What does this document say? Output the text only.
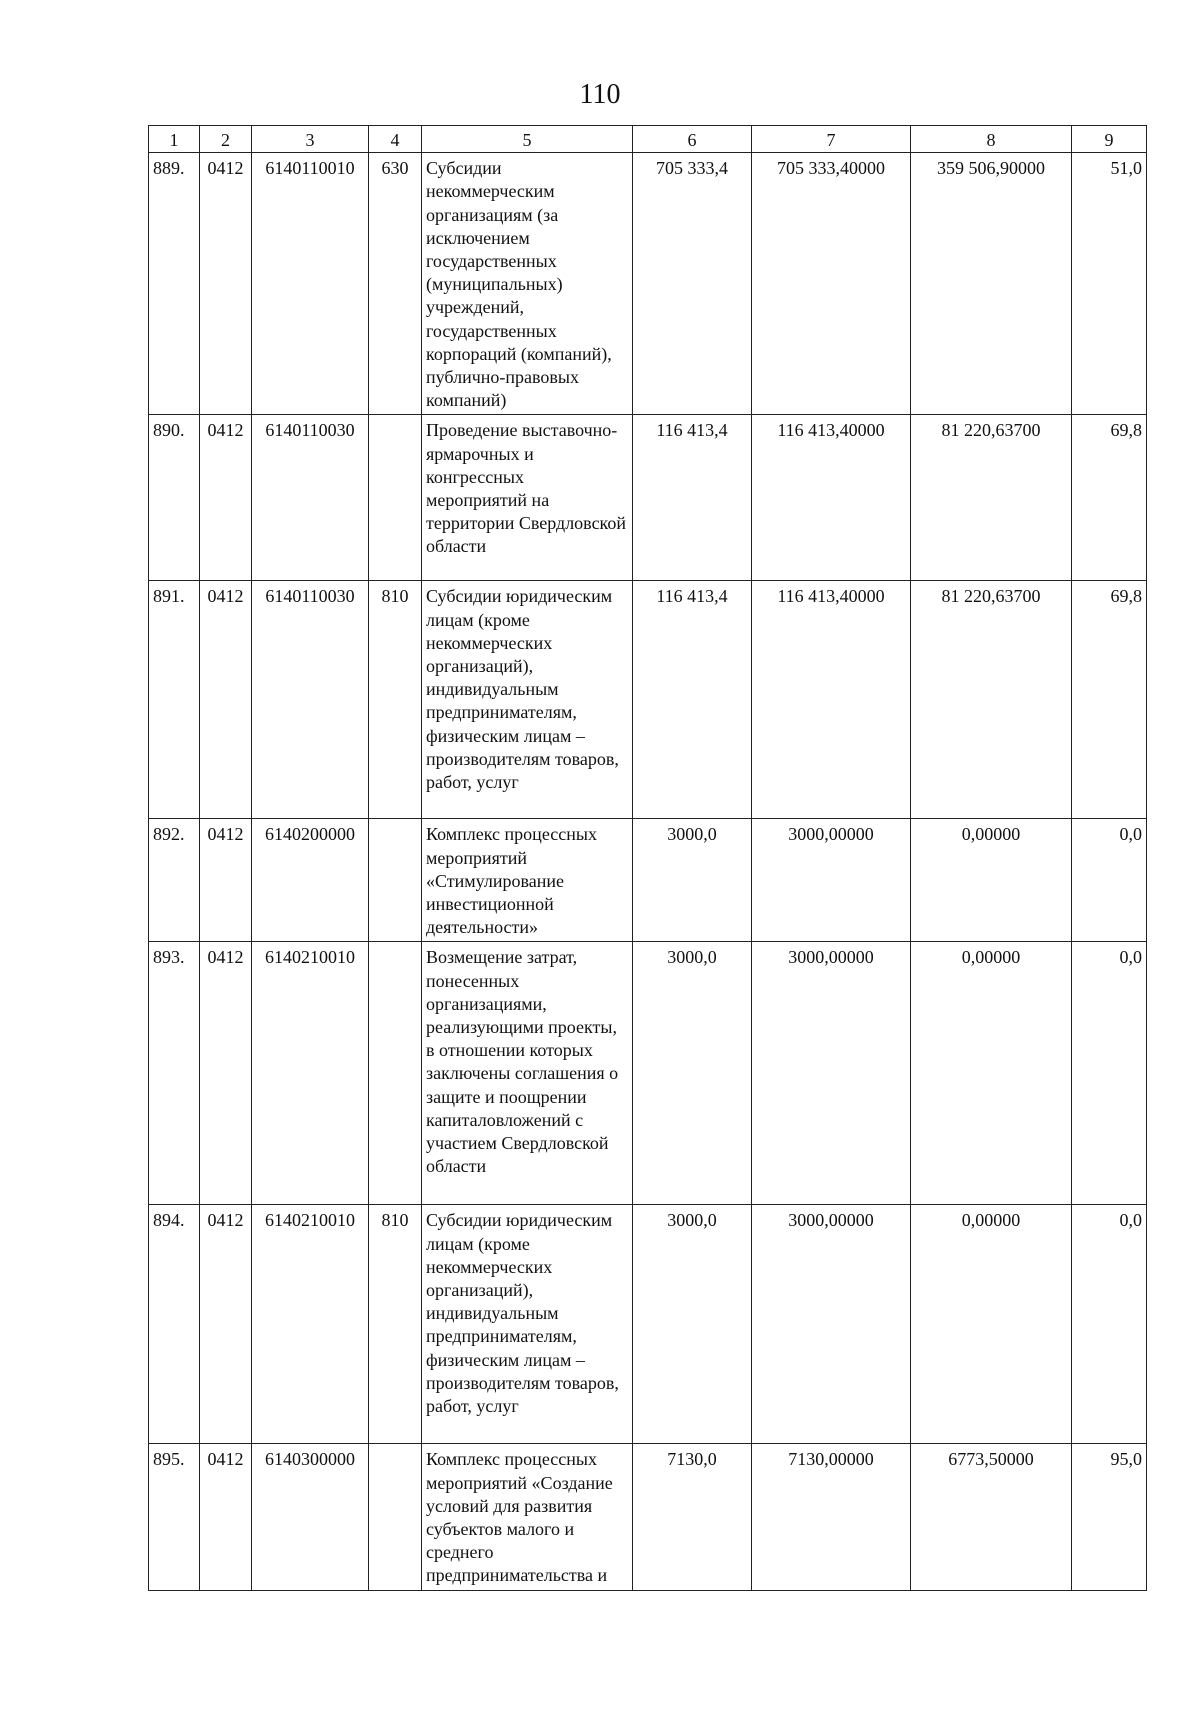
110
1	2	3	4	5	6	7	8	9
889.	0412	6140110010	630	Субсидии некоммерческим организациям (за исключением государственных (муниципальных) учреждений, государственных корпораций (компаний), публично-правовых компаний)	705 333,4	705 333,40000	359 506,90000	51,0
890.	0412	6140110030		Проведение выставочно-ярмарочных и конгрессных мероприятий на территории Свердловской области	116 413,4	116 413,40000	81 220,63700	69,8
891.	0412	6140110030	810	Субсидии юридическим лицам (кроме некоммерческих организаций), индивидуальным предпринимателям, физическим лицам – производителям товаров, работ, услуг	116 413,4	116 413,40000	81 220,63700	69,8
892.	0412	6140200000		Комплекс процессных мероприятий «Стимулирование инвестиционной деятельности»	3000,0	3000,00000	0,00000	0,0
893.	0412	6140210010		Возмещение затрат, понесенных организациями, реализующими проекты, в отношении которых заключены соглашения о защите и поощрении капиталовложений с участием Свердловской области	3000,0	3000,00000	0,00000	0,0
894.	0412	6140210010	810	Субсидии юридическим лицам (кроме некоммерческих организаций), индивидуальным предпринимателям, физическим лицам – производителям товаров, работ, услуг	3000,0	3000,00000	0,00000	0,0
895.	0412	6140300000		Комплекс процессных мероприятий «Создание условий для развития субъектов малого и среднего предпринимательства и	7130,0	7130,00000	6773,50000	95,0
